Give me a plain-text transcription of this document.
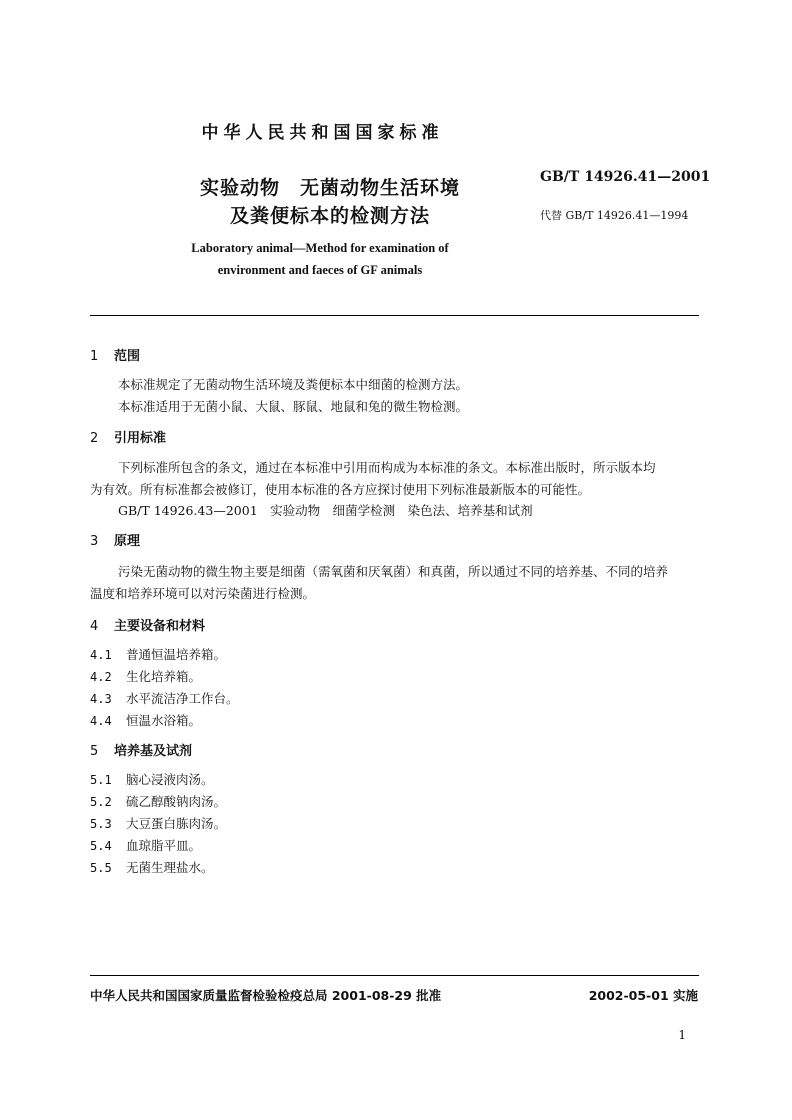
中华人民共和国国家标准
实验动物　无菌动物生活环境
及粪便标本的检测方法
GB/T 14926.41—2001
代替 GB/T 14926.41—1994
Laboratory animal—Method for examination of
environment and faeces of GF animals
1 范围
本标准规定了无菌动物生活环境及粪便标本中细菌的检测方法。
本标准适用于无菌小鼠、大鼠、豚鼠、地鼠和兔的微生物检测。
2 引用标准
下列标准所包含的条文，通过在本标准中引用而构成为本标准的条文。本标准出版时，所示版本均
为有效。所有标准都会被修订，使用本标准的各方应探讨使用下列标准最新版本的可能性。
GB/T 14926.43—2001　实验动物　细菌学检测　染色法、培养基和试剂
3 原理
污染无菌动物的微生物主要是细菌（需氧菌和厌氧菌）和真菌，所以通过不同的培养基、不同的培养
温度和培养环境可以对污染菌进行检测。
4 主要设备和材料
4.1 普通恒温培养箱。
4.2 生化培养箱。
4.3 水平流洁净工作台。
4.4 恒温水浴箱。
5 培养基及试剂
5.1 脑心浸液肉汤。
5.2 硫乙醇酸钠肉汤。
5.3 大豆蛋白胨肉汤。
5.4 血琼脂平皿。
5.5 无菌生理盐水。
中华人民共和国国家质量监督检验检疫总局 2001-08-29 批准	2002-05-01 实施
1
